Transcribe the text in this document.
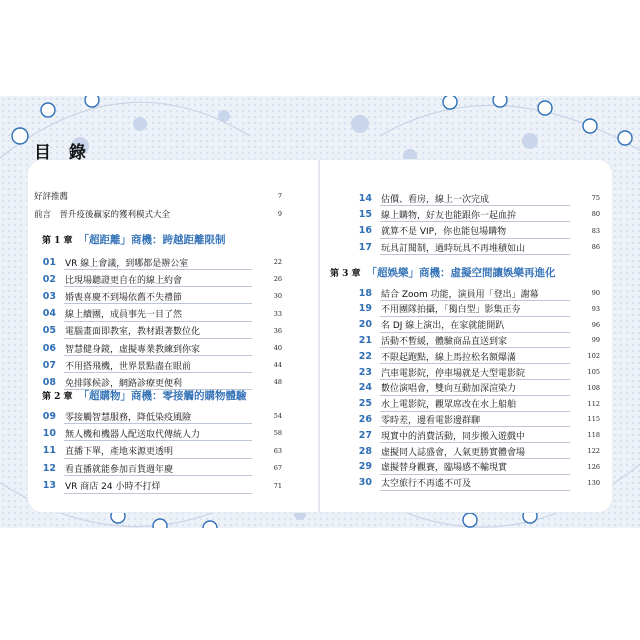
目 錄
好評推薦	7
前言　晉升疫後贏家的獲利模式大全	9
第 1 章 「超距離」商機：跨越距離限制
01 VR 線上會議，到哪都是辦公室	22
02 比現場聽證更自在的線上約會	26
03 婚喪喜慶不到場依舊不失禮節	30
04 線上續團，成員事先一目了然	33
05 電腦畫面即教室，教材跟著數位化	36
06 智慧健身鏡，虛擬專業教練到你家	40
07 不用搭飛機，世界景點盡在眼前	44
08 免排隊候診，網路診療更便利	48
第 2 章 「超購物」商機：零接觸的購物體驗
09 零接觸智慧服務，降低染疫風險	54
10 無人機和機器人配送取代傳統人力	58
11 直播下單，產地來源更透明	63
12 看直播就能參加百貨週年慶	67
13 VR 商店 24 小時不打烊	71
14 估價、看房，線上一次完成	75
15 線上購物，好友也能跟你一起血拚	80
16 就算不是 VIP，你也能包場購物	83
17 玩具訂閱制，過時玩具不再堆積如山	86
第 3 章 「超娛樂」商機：虛擬空間讓娛樂再進化
18 結合 Zoom 功能，演員用「登出」謝幕	90
19 不用團隊拍攝，「獨白型」影集正夯	93
20 名 DJ 線上演出，在家就能開趴	96
21 活動不暫緩，體驗商品直送到家	99
22 不限起跑點，線上馬拉松名額爆滿	102
23 汽車電影院，停車場就是大型電影院	105
24 數位演唱會，雙向互動加深渲染力	108
25 水上電影院，觀眾席改在水上船舶	112
26 零時差，邊看電影邊群聊	115
27 現實中的消費活動，同步搬入遊戲中	118
28 虛擬同人誌盛會，人氣更勝實體會場	122
29 虛擬替身觀賽，臨場感不輸現實	126
30 太空旅行不再遙不可及	130
